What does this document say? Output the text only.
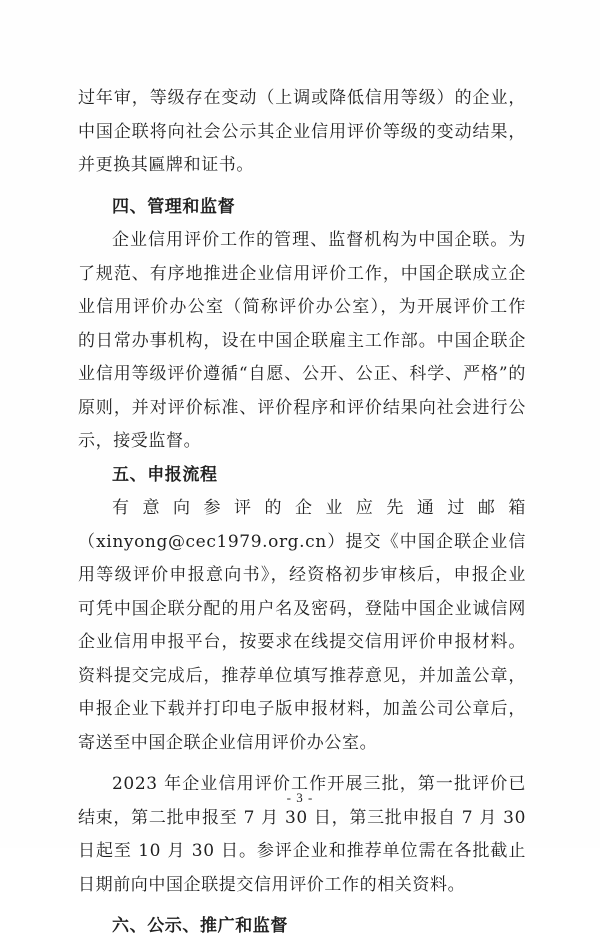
过年审，等级存在变动（上调或降低信用等级）的企业，中国企联将向社会公示其企业信用评价等级的变动结果，并更换其匾牌和证书。

四、管理和监督

企业信用评价工作的管理、监督机构为中国企联。为了规范、有序地推进企业信用评价工作，中国企联成立企业信用评价办公室（简称评价办公室），为开展评价工作的日常办事机构，设在中国企联雇主工作部。中国企联企业信用等级评价遵循“自愿、公开、公正、科学、严格”的原则，并对评价标准、评价程序和评价结果向社会进行公示，接受监督。

五、申报流程

有意向参评的企业应先通过邮箱（xinyong@cec1979.org.cn）提交《中国企联企业信用等级评价申报意向书》，经资格初步审核后，申报企业可凭中国企联分配的用户名及密码，登陆中国企业诚信网企业信用申报平台，按要求在线提交信用评价申报材料。资料提交完成后，推荐单位填写推荐意见，并加盖公章，申报企业下载并打印电子版申报材料，加盖公司公章后，寄送至中国企联企业信用评价办公室。

2023 年企业信用评价工作开展三批，第一批评价已结束，第二批申报至 7 月 30 日，第三批申报自 7 月 30 日起至 10 月 30 日。参评企业和推荐单位需在各批截止日期前向中国企联提交信用评价工作的相关资料。

六、公示、推广和监督

- 3 -
